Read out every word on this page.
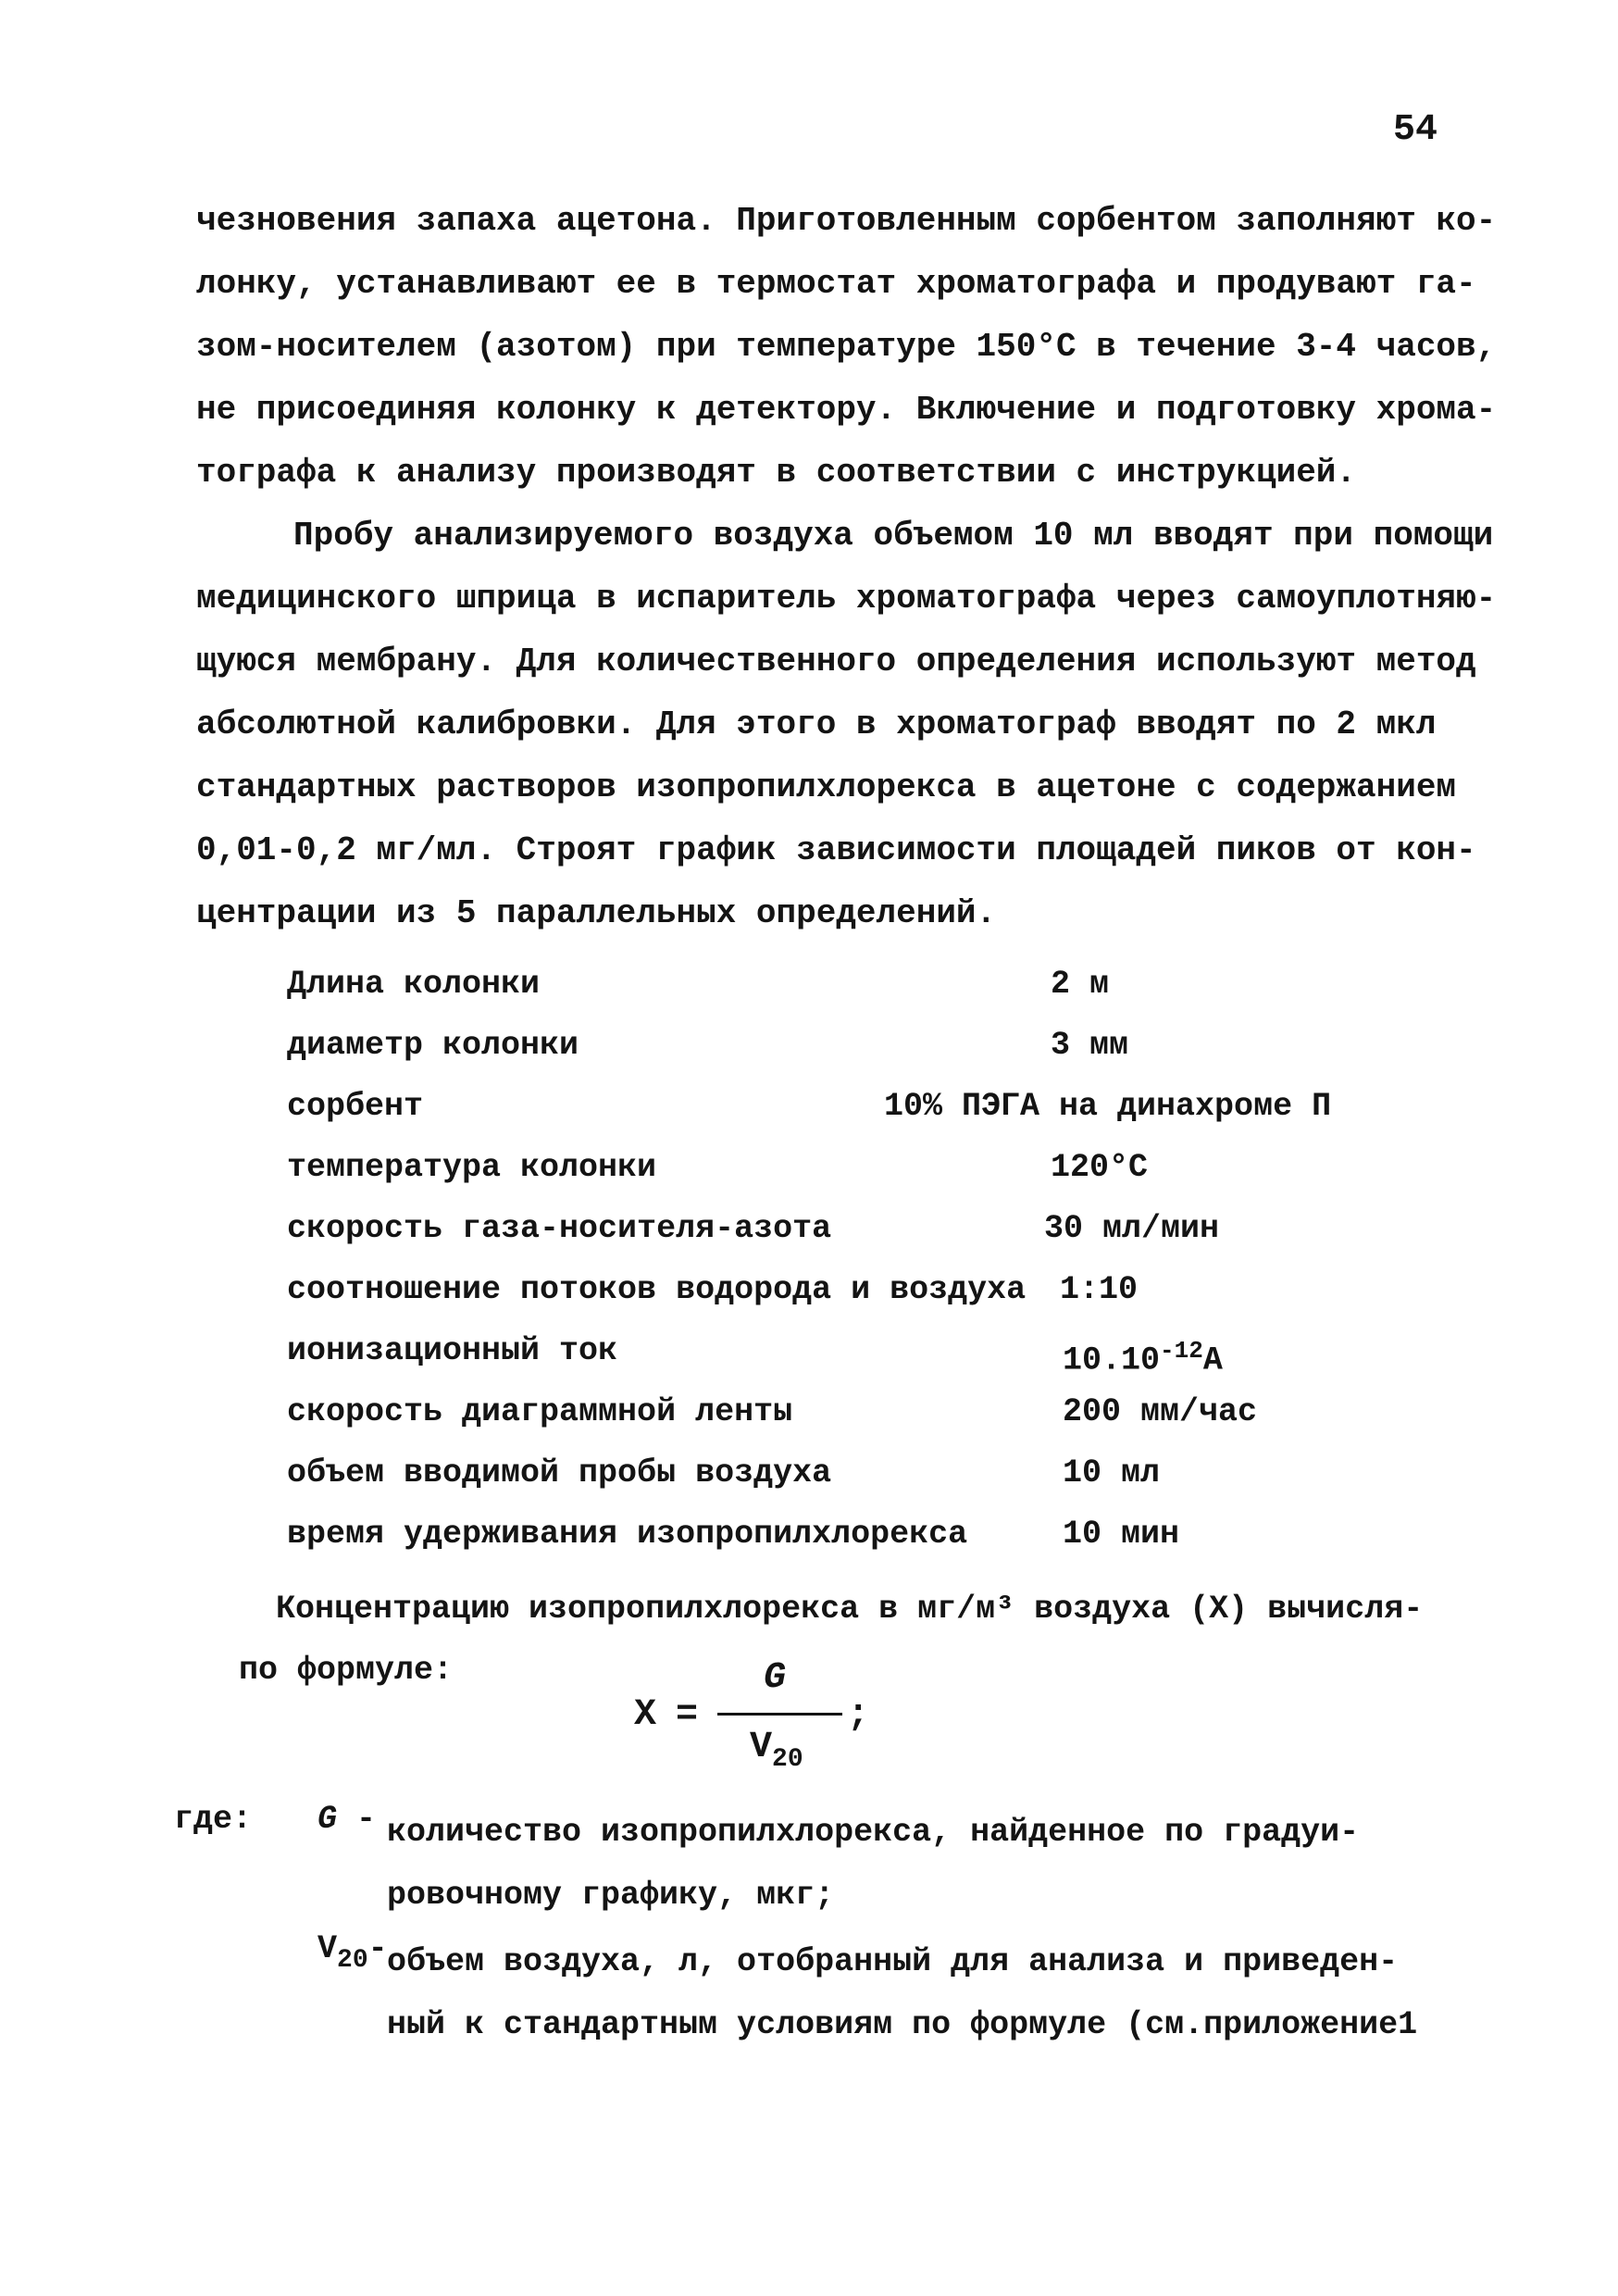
54

чезновения запаха ацетона. Приготовленным сорбентом заполняют ко-
лонку, устанавливают ее в термостат хроматографа и продувают га-
зом-носителем (азотом) при температуре 150°С в течение 3-4 часов,
не присоединяя колонку к детектору. Включение и подготовку хрома-
тографа к анализу производят в соответствии с инструкцией.

Пробу анализируемого воздуха объемом 10 мл вводят при помощи
медицинского шприца в испаритель хроматографа через самоуплотняю-
щуюся мембрану. Для количественного определения используют метод
абсолютной калибровки. Для этого в хроматограф вводят по 2 мкл
стандартных растворов изопропилхлорекса в ацетоне с содержанием
0,01-0,2 мг/мл. Строят график зависимости площадей пиков от кон-
центрации из 5 параллельных определений.

Длина колонки	2 м
диаметр колонки	3 мм
сорбент	10% ПЭГА на динахроме П
температура колонки	120°С
скорость газа-носителя-азота	30 мл/мин
соотношение потоков водорода и воздуха 1:10
ионизационный ток	$10.10^{-12}А$
скорость диаграммной ленты	200 мм/час
объем вводимой пробы воздуха	10 мл
время удерживания изопропилхлорекса	10 мин

Концентрацию изопропилхлорекса в мг/м³ воздуха (Х) вычисля-
по формуле:

X =
G
;
$V_{20}$
где: G - количество изопропилхлорекса, найденное по градуи-
ровочному графику, мкг;
$V_{20}-$ объем воздуха, л, отобранный для анализа и приведен-
ный к стандартным условиям по формуле (см.приложение1
